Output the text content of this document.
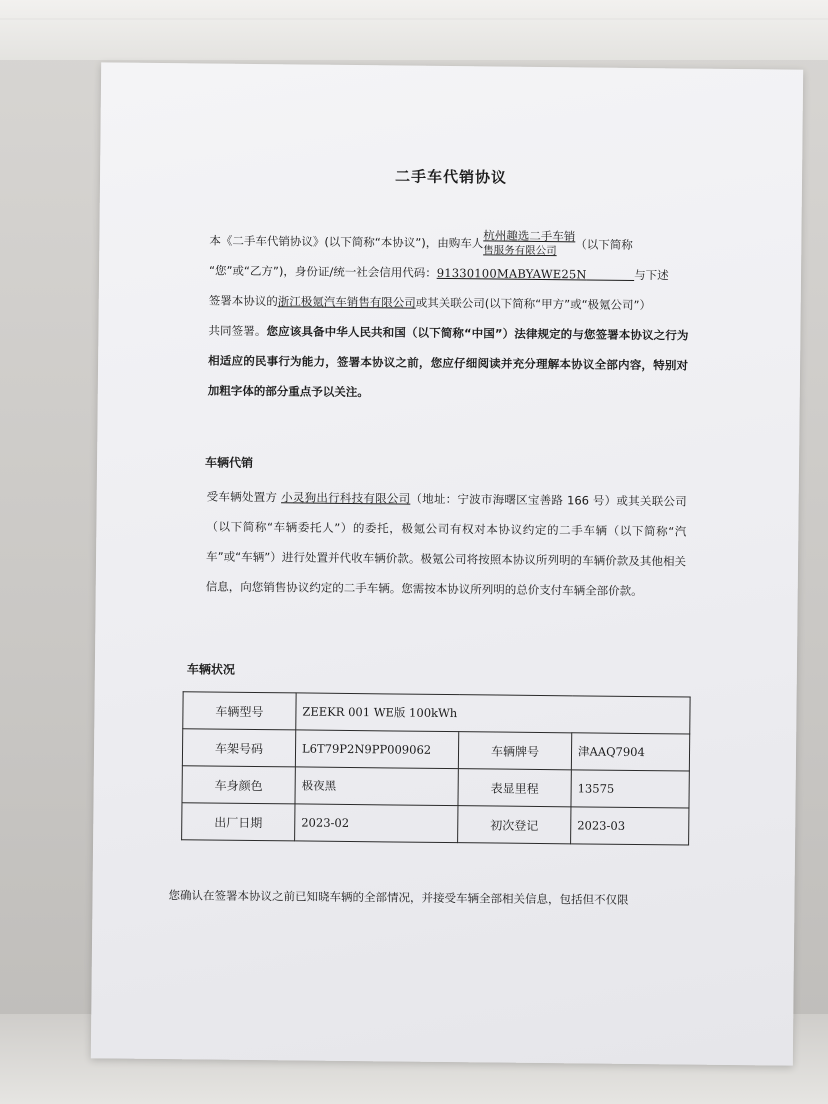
二手车代销协议
本《二手车代销协议》(以下简称“本协议”)，由购车人杭州趣选二手车销
售服务有限公司 （以下简称
“您”或“乙方”)，身份证/统一社会信用代码：91330100MABYAWE25N	与下述
签署本协议的浙江极氪汽车销售有限公司或其关联公司(以下简称“甲方”或“极氪公司”）
共同签署。您应该具备中华人民共和国（以下简称“中国”）法律规定的与您签署本协议之行为相适应的民事行为能力，签署本协议之前，您应仔细阅读并充分理解本协议全部内容，特别对加粗字体的部分重点予以关注。
车辆代销
受车辆处置方 小灵狗出行科技有限公司（地址：宁波市海曙区宝善路 166 号）或其关联公司（以下简称“车辆委托人”）的委托，极氪公司有权对本协议约定的二手车辆（以下简称“汽车”或“车辆”）进行处置并代收车辆价款。极氪公司将按照本协议所列明的车辆价款及其他相关信息，向您销售协议约定的二手车辆。您需按本协议所列明的总价支付车辆全部价款。
车辆状况
车辆型号	ZEEKR 001 WE版 100kWh		
车架号码	L6T79P2N9PP009062	车辆牌号	津AAQ7904
车身颜色	极夜黑	表显里程	13575
出厂日期	2023-02	初次登记	2023-03
您确认在签署本协议之前已知晓车辆的全部情况，并接受车辆全部相关信息，包括但不仅限
